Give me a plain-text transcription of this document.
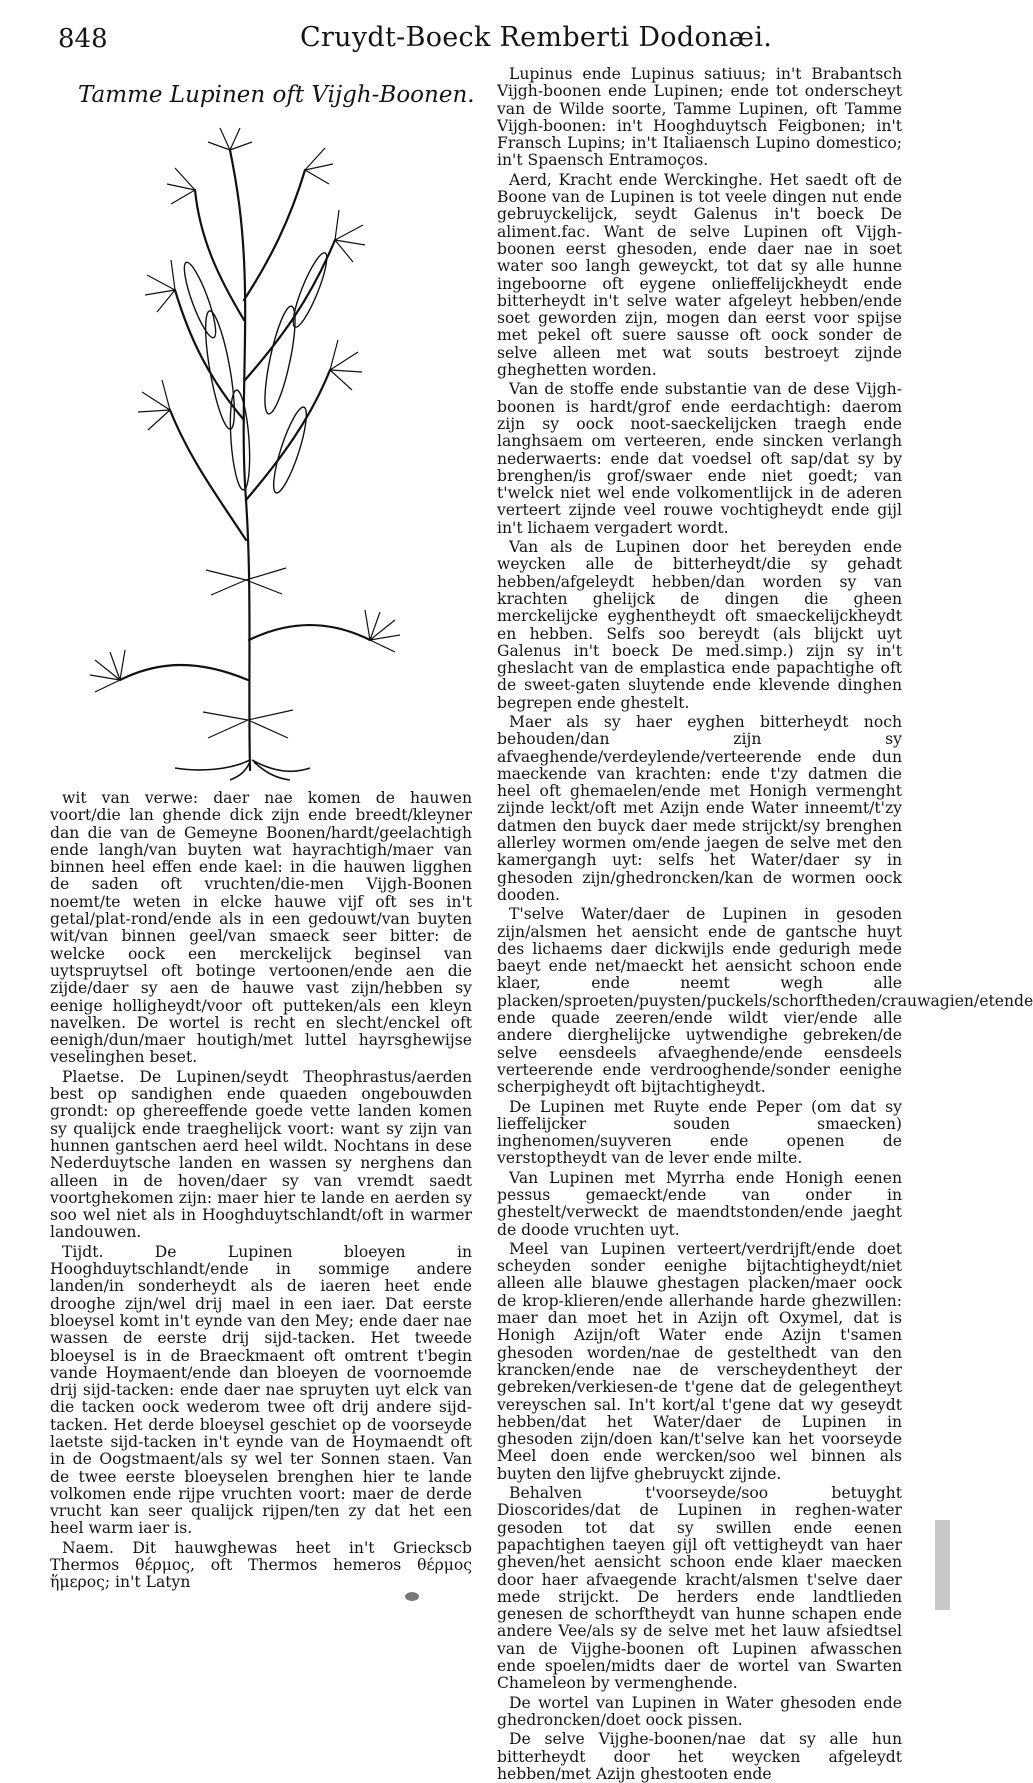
848	Cruydt-Boeck Remberti Dodonæi.
Tamme Lupinen oft Vijgh-Boonen.

Lupinus ende Lupinus satiuus; in't Brabantsch Vijgh-boonen ende Lupinen; ende tot onderscheyt van de Wilde soorte, Tamme Lupinen, oft Tamme Vijgh-boonen: in't Hooghduytsch Feigbonen; in't Fransch Lupins; in't Italiaensch Lupino domestico; in't Spaensch Entramoços.

Aerd, Kracht ende Werckinghe. Het saedt oft de Boone van de Lupinen is tot veele dingen nut ende gebruyckelijck, seydt Galenus in't boeck De aliment.fac. Want de selve Lupinen oft Vijgh-boonen eerst ghesoden, ende daer nae in soet water soo langh geweyckt, tot dat sy alle hunne ingeboorne oft eygene onlieffelijckheydt ende bitterheydt in't selve water afgeleyt hebben/ende soet geworden zijn, mogen dan eerst voor spijse met pekel oft suere sausse oft oock sonder de selve alleen met wat souts bestroeyt zijnde gheghetten worden.

Van de stoffe ende substantie van de dese Vijgh-boonen is hardt/grof ende eerdachtigh: daerom zijn sy oock noot-saeckelijcken traegh ende langhsaem om verteeren, ende sincken verlangh nederwaerts: ende dat voedsel oft sap/dat sy by brenghen/is grof/swaer ende niet goedt; van t'welck niet wel ende volkomentlijck in de aderen verteert zijnde veel rouwe vochtigheydt ende gijl in't lichaem vergadert wordt.

Van als de Lupinen door het bereyden ende weycken alle de bitterheydt/die sy gehadt hebben/afgeleydt hebben/dan worden sy van krachten ghelijck de dingen die gheen merckelijcke eyghentheydt oft smaeckelijckheydt en hebben. Selfs soo bereydt (als blijckt uyt Galenus in't boeck De med.simp.) zijn sy in't gheslacht van de emplastica ende papachtighe oft de sweet-gaten sluytende ende klevende dinghen begrepen ende ghestelt.

Maer als sy haer eyghen bitterheydt noch behouden/dan zijn sy afvaeghende/verdeylende/verteerende ende dun maeckende van krachten: ende t'zy datmen die heel oft ghemaelen/ende met Honigh vermenght zijnde leckt/oft met Azijn ende Water inneemt/t'zy datmen den buyck daer mede strijckt/sy brenghen allerley wormen om/ende jaegen de selve met den kamergangh uyt: selfs het Water/daer sy in ghesoden zijn/ghedroncken/kan de wormen oock dooden.

T'selve Water/daer de Lupinen in gesoden zijn/alsmen het aensicht ende de gantsche huyt des lichaems daer dickwijls ende gedurigh mede baeyt ende net/maeckt het aensicht schoon ende klaer, ende neemt wegh alle placken/sproeten/puysten/puckels/schorftheden/crauwagien/etende ende quade zeeren/ende wildt vier/ende alle andere dierghelijcke uytwendighe gebreken/de selve eensdeels afvaeghende/ende eensdeels verteerende ende verdrooghende/sonder eenighe scherpigheydt oft bijtachtigheydt.

De Lupinen met Ruyte ende Peper (om dat sy lieffelijcker souden smaecken) inghenomen/suyveren ende openen de verstoptheydt van de lever ende milte.

Van Lupinen met Myrrha ende Honigh eenen pessus gemaeckt/ende van onder in ghestelt/verweckt de maendtstonden/ende jaeght de doode vruchten uyt.

Meel van Lupinen verteert/verdrijft/ende doet scheyden sonder eenighe bijtachtigheydt/niet alleen alle blauwe ghestagen placken/maer oock de krop-klieren/ende allerhande harde ghezwillen: maer dan moet het in Azijn oft Oxymel, dat is Honigh Azijn/oft Water ende Azijn t'samen ghesoden worden/nae de gestelthedt van den krancken/ende nae de verscheydentheyt der gebreken/verkiesen-de t'gene dat de gelegentheyt vereyschen sal. In't kort/al t'gene dat wy geseydt hebben/dat het Water/daer de Lupinen in ghesoden zijn/doen kan/t'selve kan het voorseyde Meel doen ende wercken/soo wel binnen als buyten den lijfve ghebruyckt zijnde.

Behalven t'voorseyde/soo betuyght Dioscorides/dat de Lupinen in reghen-water gesoden tot dat sy swillen ende eenen papachtighen taeyen gijl oft vettigheydt van haer gheven/het aensicht schoon ende klaer maecken door haer afvaegende kracht/alsmen t'selve daer mede strijckt. De herders ende landtlieden genesen de schorftheydt van hunne schapen ende andere Vee/als sy de selve met het lauw afsiedtsel van de Vijghe-boonen oft Lupinen afwasschen ende spoelen/midts daer de wortel van Swarten Chameleon by vermenghende.

De wortel van Lupinen in Water ghesoden ende ghedroncken/doet oock pissen.

De selve Vijghe-boonen/nae dat sy alle hun bitterheydt door het weycken afgeleydt hebben/met Azijn ghestooten ende

wit van verwe: daer nae komen de hauwen voort/die lan ghende dick zijn ende breedt/kleyner dan die van de Gemeyne Boonen/hardt/geelachtigh ende langh/van buyten wat hayrachtigh/maer van binnen heel effen ende kael: in die hauwen ligghen de saden oft vruchten/die-men Vijgh-Boonen noemt/te weten in elcke hauwe vijf oft ses in't getal/plat-rond/ende als in een gedouwt/van buyten wit/van binnen geel/van smaeck seer bitter: de welcke oock een merckelijck beginsel van uytspruytsel oft botinge vertoonen/ende aen die zijde/daer sy aen de hauwe vast zijn/hebben sy eenige holligheydt/voor oft putteken/als een kleyn navelken. De wortel is recht en slecht/enckel oft eenigh/dun/maer houtigh/met luttel hayrsghewijse veselinghen beset.

Plaetse. De Lupinen/seydt Theophrastus/aerden best op sandighen ende quaeden ongebouwden grondt: op ghereeffende goede vette landen komen sy qualijck ende traeghelijck voort: want sy zijn van hunnen gantschen aerd heel wildt. Nochtans in dese Nederduytsche landen en wassen sy nerghens dan alleen in de hoven/daer sy van vremdt saedt voortghekomen zijn: maer hier te lande en aerden sy soo wel niet als in Hooghduytschlandt/oft in warmer landouwen.

Tijdt. De Lupinen bloeyen in Hooghduytschlandt/ende in sommige andere landen/in sonderheydt als de iaeren heet ende drooghe zijn/wel drij mael in een iaer. Dat eerste bloeysel komt in't eynde van den Mey; ende daer nae wassen de eerste drij sijd-tacken. Het tweede bloeysel is in de Braeckmaent oft omtrent t'begin vande Hoymaent/ende dan bloeyen de voornoemde drij sijd-tacken: ende daer nae spruyten uyt elck van die tacken oock wederom twee oft drij andere sijd-tacken. Het derde bloeysel geschiet op de voorseyde laetste sijd-tacken in't eynde van de Hoymaendt oft in de Oogstmaent/als sy wel ter Sonnen staen. Van de twee eerste bloeyselen brenghen hier te lande volkomen ende rijpe vruchten voort: maer de derde vrucht kan seer qualijck rijpen/ten zy dat het een heel warm iaer is.

Naem. Dit hauwghewas heet in't Grieckscb Thermos θέρμος, oft Thermos hemeros θέρμος ἥμερος; in't Latyn
